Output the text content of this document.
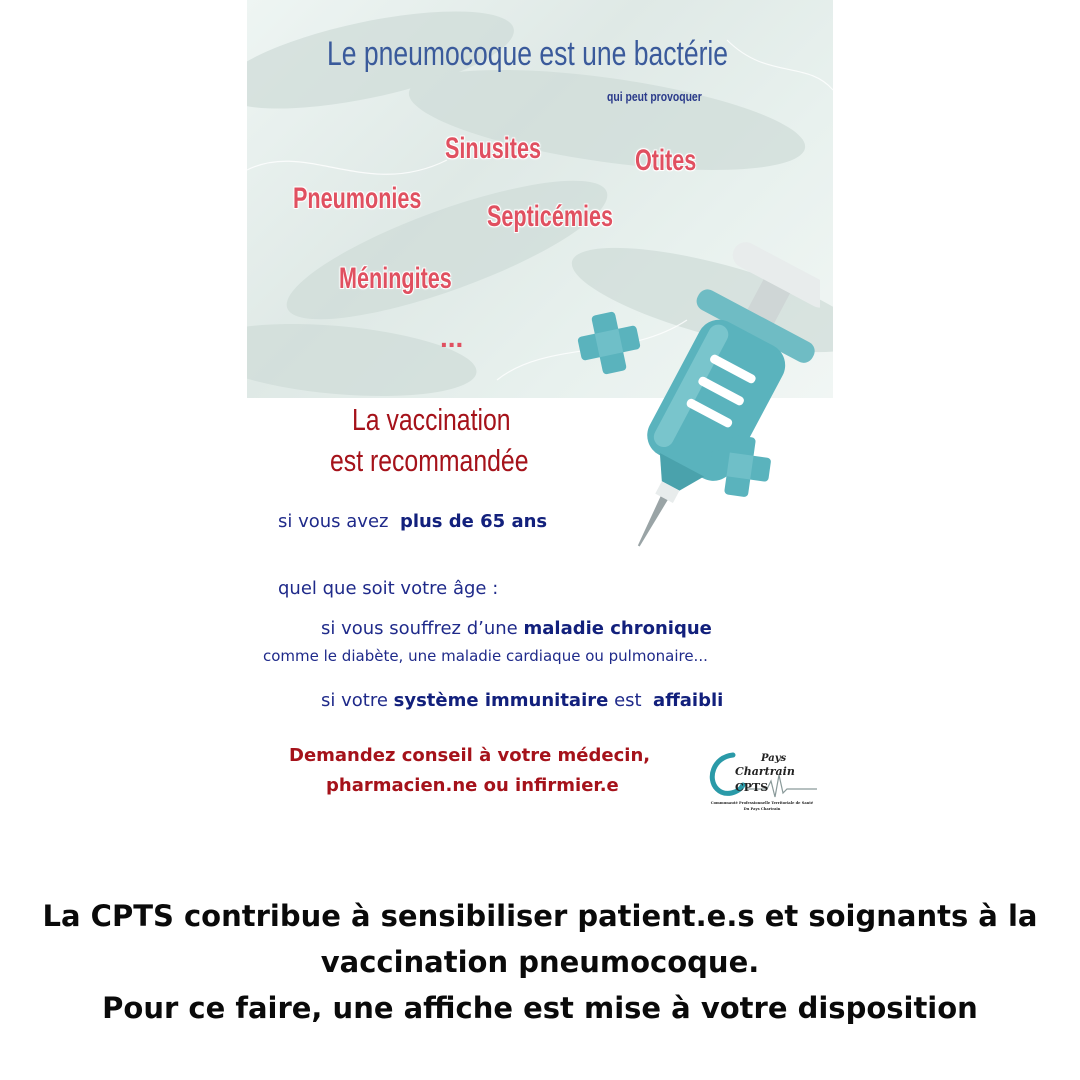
Le pneumocoque est une bactérie
qui peut provoquer
Sinusites	Otites
Pneumonies
Septicémies
Méningites
...
La vaccination
est recommandée
si vous avez plus de 65 ans
quel que soit votre âge :
si vous souffrez d’une maladie chronique
comme le diabète, une maladie cardiaque ou pulmonaire...
si votre système immunitaire est affaibli
Demandez conseil à votre médecin,
pharmacien.ne ou infirmier.e
Pays
Chartrain
CPTS
Communauté Professionnelle Territoriale de Santé
Du Pays Chartrain
La CPTS contribue à sensibiliser patient.e.s et soignants à la
vaccination pneumocoque.
Pour ce faire, une affiche est mise à votre disposition
